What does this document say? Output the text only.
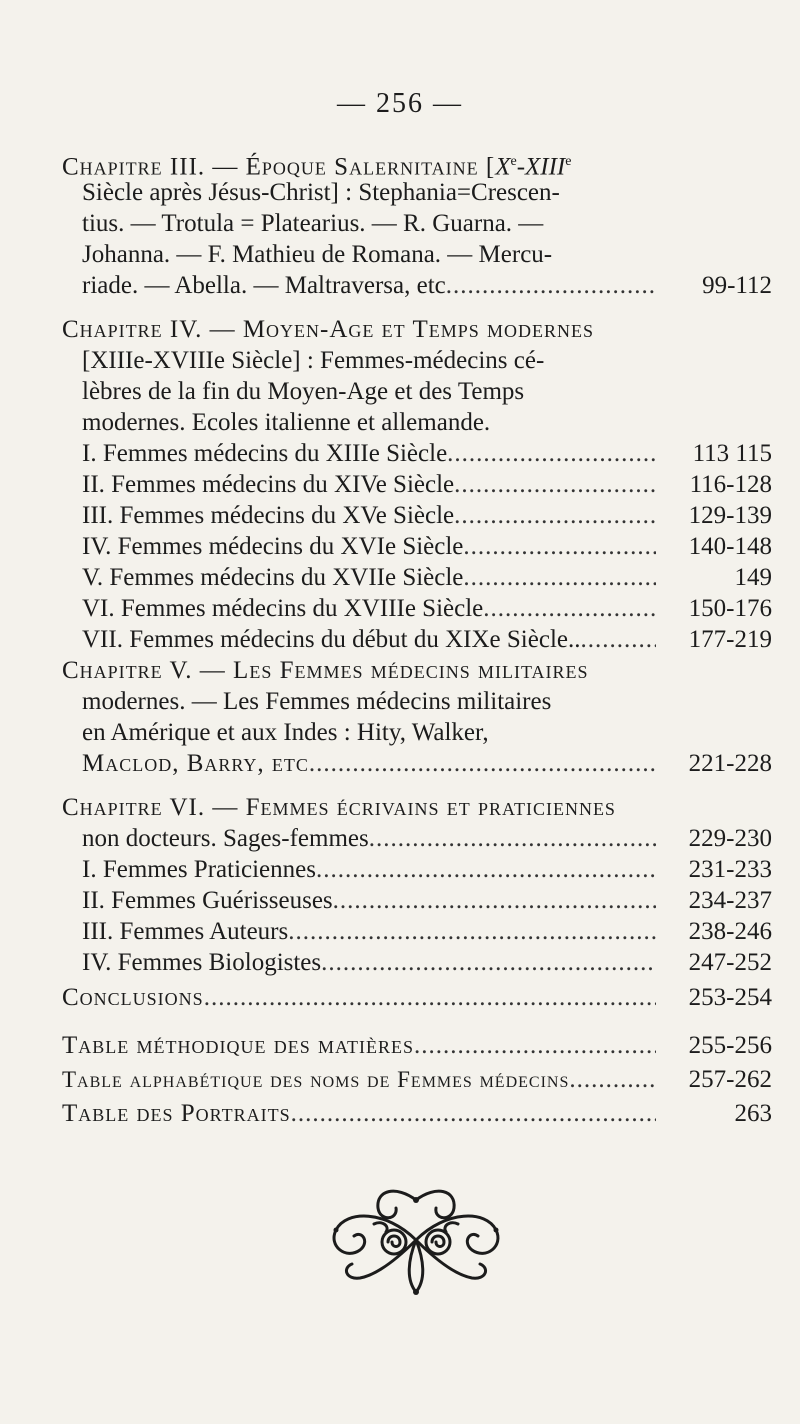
— 256 —
Chapitre III. — Époque Salernitaine [Xe-XIIIe
Siècle après Jésus-Christ] : Stephania=Crescen-
tius. — Trotula = Platearius. — R. Guarna. —
Johanna. — F. Mathieu de Romana. — Mercu-
riade. — Abella. — Maltraversa, etc .....	99-112
Chapitre IV. — Moyen-Age et Temps modernes
[XIIIe-XVIIIe Siècle] : Femmes-médecins cé-
lèbres de la fin du Moyen-Age et des Temps
modernes. Ecoles italienne et allemande.
I. Femmes médecins du XIIIe Siècle .....	113 115
II. Femmes médecins du XIVe Siècle .....	116-128
III. Femmes médecins du XVe Siècle .....	129-139
IV. Femmes médecins du XVIe Siècle .....	140-148
V. Femmes médecins du XVIIe Siècle .....	149
VI. Femmes médecins du XVIIIe Siècle .....	150-176
VII. Femmes médecins du début du XIXe Siècle.. .....	177-219
Chapitre V. — Les Femmes médecins militaires
modernes. — Les Femmes médecins militaires
en Amérique et aux Indes : Hity, Walker,
Maclod, Barry, etc .....	221-228
Chapitre VI. — Femmes écrivains et praticiennes
non docteurs. Sages-femmes .....	229-230
I. Femmes Praticiennes .....	231-233
II. Femmes Guérisseuses .....	234-237
III. Femmes Auteurs .....	238-246
IV. Femmes Biologistes .....	247-252
Conclusions .....	253-254
Table méthodique des matières .....	255-256
Table alphabétique des noms de Femmes médecins .....	257-262
Table des Portraits .....	263
